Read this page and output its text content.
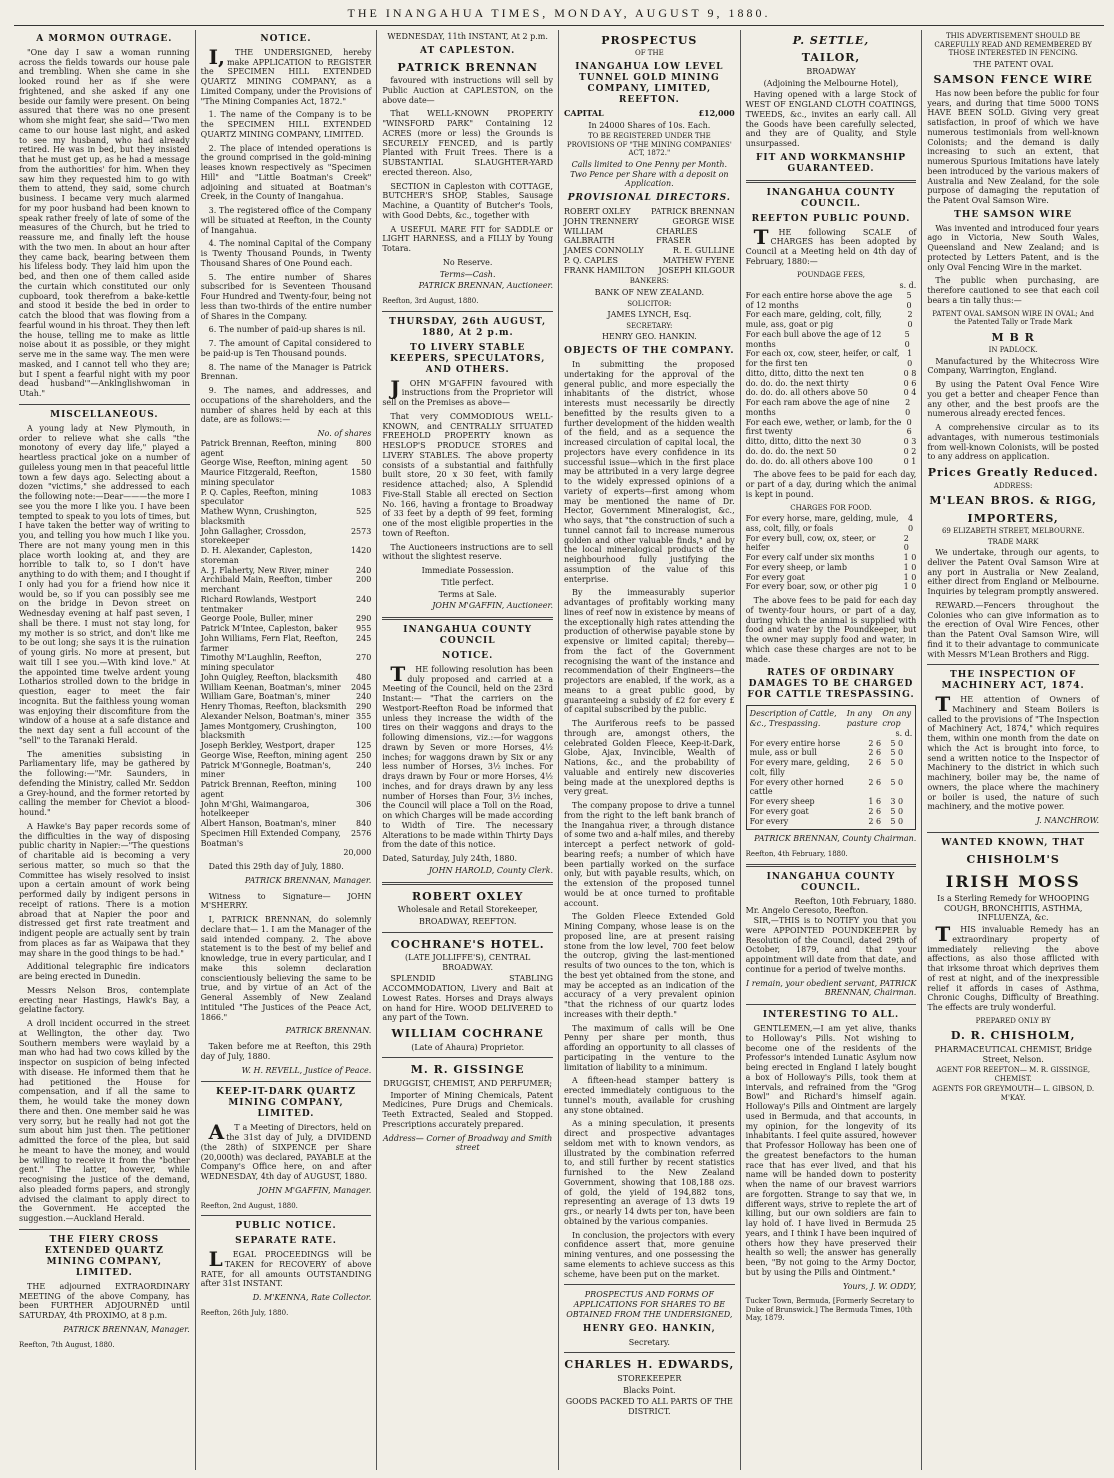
THE INANGAHUA TIMES, MONDAY, AUGUST 9, 1880.
A MORMON OUTRAGE.

"One day I saw a woman running across the fields towards our house pale and trembling. When she came in she looked round her as if she were frightened, and she asked if any one beside our family were present. On being assured that there was no one present whom she might fear, she said—'Two men came to our house last night, and asked to see my husband, who had already retired. He was in bed, but they insisted that he must get up, as he had a message from the authorities' for him. When they saw him they requested him to go with them to attend, they said, some church business. I became very much alarmed for my poor husband had been known to speak rather freely of late of some of the measures of the Church, but he tried to reassure me, and finally left the house with the two men. In about an hour after they came back, bearing between them his lifeless body. They laid him upon the bed, and then one of them called aside the curtain which constituted our only cupboard, took therefrom a bake-kettle and stood it beside the bed in order to catch the blood that was flowing from a fearful wound in his throat. They then left the house, telling me to make as little noise about it as possible, or they might serve me in the same way. The men were masked, and I cannot tell who they are; but I spent a fearful night with my poor dead husband'"—Anklnglishwoman in Utah."

MISCELLANEOUS.

A young lady at New Plymouth, in order to relieve what she calls "the monotony of every day life," played a heartless practical joke on a number of guileless young men in that peaceful little town a few days ago. Selecting about a dozen "victims," she addressed to each the following note:—Dear———the more I see you the more I like you. I have been tempted to speak to you lots of times, but I have taken the better way of writing to you, and telling you how much I like you. There are not many young men in this place worth looking at, and they are horrible to talk to, so I don't have anything to do with them; and I thought if I only had you for a friend how nice it would be, so if you can possibly see me on the bridge in Devon street on Wednesday evening at half past seven, I shall be there. I must not stay long, for my mother is so strict, and don't like me to be out long; she says it is the ruination of young girls. No more at present, but wait till I see you.—With kind love." At the appointed time twelve ardent young Lotharios strolled down to the bridge in question, eager to meet the fair incognita. But the faithless young woman was enjoying their discomfiture from the window of a house at a safe distance and the next day sent a full account of the "sell" to the Taranaki Herald.

The amenities subsisting in Parliamentary life, may be gathered by the following:—"Mr. Saunders, in defending the Ministry, called Mr. Seddon a Grey-hound, and the former retorted by calling the member for Cheviot a blood-hound."

A Hawke's Bay paper records some of the difficulties in the way of disposing public charity in Napier:—"The questions of charitable aid is becoming a very serious matter, so much so that the Committee has wisely resolved to insist upon a certain amount of work being performed daily by indigent persons in receipt of rations. There is a motion abroad that at Napier the poor and distressed get first rate treatment and indigent people are actually sent by train from places as far as Waipawa that they may share in the good things to be had."

Additional telegraphic fire indicators are being erected in Dunedin.

Messrs Nelson Bros, contemplate erecting near Hastings, Hawk's Bay, a gelatine factory.

A droll incident occurred in the street at Wellington, the other day. Two Southern members were waylaid by a man who had had two cows killed by the inspector on suspicion of being infected with disease. He informed them that he had petitioned the House for compensation, and if all the same to them, he would take the money down there and then. One member said he was very sorry, but he really had not got the sum about him just then. The petitioner admitted the force of the plea, but said he meant to have the money, and would be willing to receive it from the "bother gent." The latter, however, while recognising the justice of the demand, also pleaded forms papers, and strongly advised the claimant to apply direct to the Government. He accepted the suggestion.—Auckland Herald.

THE FIERY CROSS EXTENDED QUARTZ MINING COMPANY, LIMITED.

THE adjourned EXTRAORDINARY MEETING of the above Company, has been FURTHER ADJOURNED until SATURDAY, 4th PROXIMO, at 8 p.m.

PATRICK BRENNAN, Manager.
Reefton, 7th August, 1880.
NOTICE.

I,THE UNDERSIGNED, hereby make APPLICATION to REGISTER the SPECIMEN HILL EXTENDED QUARTZ MINING COMPANY, as a Limited Company, under the Provisions of "The Mining Companies Act, 1872."

1. The name of the Company is to be the SPECIMEN HILL EXTENDED QUARTZ MINING COMPANY, LIMITED.

2. The place of intended operations is the ground comprised in the gold-mining leases known respectively as "Specimen Hill" and "Little Boatman's Creek" adjoining and situated at Boatman's Creek, in the County of Inangahua.

3. The registered office of the Company will be situated at Reefton, in the County of Inangahua.

4. The nominal Capital of the Company is Twenty Thousand Pounds, in Twenty Thousand Shares of One Pound each.

5. The entire number of Shares subscribed for is Seventeen Thousand Four Hundred and Twenty-four, being not less than two-thirds of the entire number of Shares in the Company.

6. The number of paid-up shares is nil.

7. The amount of Capital considered to be paid-up is Ten Thousand pounds.

8. The name of the Manager is Patrick Brennan.

9. The names, and addresses, and occupations of the shareholders, and the number of shares held by each at this date, are as follows:—

No. of shares
Patrick Brennan, Reefton, mining agent
800
George Wise, Reefton, mining agent 50
Maurice Fitzgerald, Reefton, mining speculator
1580
P. Q. Caples, Reefton, mining speculator
1083
Mathew Wynn, Crushington, blacksmith
525
John Gallagher, Crossdon, storekeeper
2573
D. H. Alexander, Capleston, storeman
1420
A. J. Flaherty, New River, miner	240
Archibald Main, Reefton, timber merchant
200
Richard Rowlands, Westport tentmaker
240
George Poole, Buller, miner	290
Patrick M'Intee, Capleston, baker 955
John Williams, Fern Flat, Reefton, farmer
245
Timothy M'Laughlin, Reefton, mining speculator
270
John Quigley, Reefton, blacksmith 480
William Keenan, Boatman's, miner 2045
William Gare, Boatman's, miner	240
Henry Thomas, Reefton, blacksmith 290
Alexander Nelson, Boatman's, miner 355
James Montgomery, Crushington, blacksmith
100
Joseph Berkley, Westport, draper	125
George Wise, Reefton, mining agent 250
Patrick M'Gonnegle, Boatman's, miner
240
Patrick Brennan, Reefton, mining agent
100
John M'Ghi, Waimangaroa, hotelkeeper
306
Albert Hanson, Boatman's, miner	840
Specimen Hill Extended Company, Boatman's
2576
20,000

Dated this 29th day of July, 1880.

PATRICK BRENNAN, Manager.

Witness to Signature— JOHN M'SHERRY.

I, PATRICK BRENNAN, do solemnly declare that— 1. I am the Manager of the said intended company. 2. The above statement is to the best of my belief and knowledge, true in every particular, and I make this solemn declaration conscientiously believing the same to be true, and by virtue of an Act of the General Assembly of New Zealand intituled "The Justices of the Peace Act, 1866."

PATRICK BRENNAN.

Taken before me at Reefton, this 29th day of July, 1880.

W. H. REVELL, Justice of Peace.
KEEP-IT-DARK QUARTZ MINING COMPANY, LIMITED.

AT a Meeting of Directors, held on the 31st day of July, a DIVIDEND (the 28th) of SIXPENCE per Share (20,000th) was declared, PAYABLE at the Company's Office here, on and after WEDNESDAY, 4th day of AUGUST, 1880.

JOHN M'GAFFIN, Manager.
Reefton, 2nd August, 1880.
PUBLIC NOTICE.
SEPARATE RATE.

LEGAL PROCEEDINGS will be TAKEN for RECOVERY of above RATE, for all amounts OUTSTANDING after 31st INSTANT.

D. M'KENNA, Rate Collector.
Reefton, 26th July, 1880.
WEDNESDAY, 11th INSTANT, At 2 p.m.
AT CAPLESTON.
PATRICK BRENNAN

favoured with instructions will sell by Public Auction at CAPLESTON, on the above date—

That WELL-KNOWN PROPERTY "WINSFORD PARK" Containing 12 ACRES (more or less) the Grounds is SECURELY FENCED, and is partly Planted with Fruit Trees. There is a SUBSTANTIAL SLAUGHTER-YARD erected thereon. Also,

SECTION in Capleston with COTTAGE, BUTCHER'S SHOP, Stables, Sausage Machine, a Quantity of Butcher's Tools, with Good Debts, &c., together with

A USEFUL MARE FIT for SADDLE or LIGHT HARNESS, and a FILLY by Young Totara.

No Reserve.
Terms—Cash.
PATRICK BRENNAN, Auctioneer.
Reefton, 3rd August, 1880.
THURSDAY, 26th AUGUST, 1880, At 2 p.m.
TO LIVERY STABLE KEEPERS, SPECULATORS, AND OTHERS.

JOHN M'GAFFIN favoured with instructions from the Proprietor will sell on the Premises as above—

That very COMMODIOUS WELL-KNOWN, and CENTRALLY SITUATED FREEHOLD PROPERTY known as HESLOP'S PRODUCE STORES and LIVERY STABLES. The above property consists of a substantial and faithfully built store, 20 x 30 feet, with family residence attached; also, A Splendid Five-Stall Stable all erected on Section No. 166, having a frontage to Broadway of 33 feet by a depth of 99 feet, forming one of the most eligible properties in the town of Reefton.

The Auctioneers instructions are to sell without the slightest reserve.

Immediate Possession.
Title perfect.
Terms at Sale.
JOHN M'GAFFIN, Auctioneer.
INANGAHUA COUNTY COUNCIL
NOTICE.

THE following resolution has been duly proposed and carried at a Meeting of the Council, held on the 23rd Instant:— "That the carriers on the Westport-Reefton Road be informed that unless they increase the width of the tires on their waggons and drays to the following dimensions, viz.:—for waggons drawn by Seven or more Horses, 4½ inches; for waggons drawn by Six or any less number of Horses, 3½ inches. For drays drawn by Four or more Horses, 4½ inches, and for drays drawn by any less number of Horses than Four, 3½ inches, the Council will place a Toll on the Road, on which Charges will be made according to Width of Tire. The necessary Alterations to be made within Thirty Days from the date of this notice.

Dated, Saturday, July 24th, 1880.
JOHN HAROLD, County Clerk.
ROBERT OXLEY
Wholesale and Retail Storekeeper,
BROADWAY, REEFTON.
COCHRANE'S HOTEL.
(LATE JOLLIFFE'S), CENTRAL BROADWAY.

SPLENDID STABLING ACCOMMODATION, Livery and Bait at Lowest Rates. Horses and Drays always on hand for Hire. WOOD DELIVERED to any part of the Town.

WILLIAM COCHRANE
(Late of Ahaura) Proprietor.
M. R. GISSINGE
DRUGGIST, CHEMIST, AND PERFUMER;

Importer of Mining Chemicals, Patent Medicines, Pure Drugs and Chemicals. Teeth Extracted, Sealed and Stopped. Prescriptions accurately prepared.

Address— Corner of Broadway and Smith street
PROSPECTUS
OF THE
INANGAHUA LOW LEVEL TUNNEL GOLD MINING COMPANY, LIMITED, REEFTON.
CAPITAL	£12,000
In 24000 Shares of 10s. Each.
TO BE REGISTERED UNDER THE PROVISIONS OF "THE MINING COMPANIES' ACT, 1872."
Calls limited to One Penny per Month. Two Pence per Share with a deposit on Application.
PROVISIONAL DIRECTORS.
ROBERT OXLEY	PATRICK BRENNAN
JOHN TRENNERY	GEORGE WISE
WILLIAM GALBRAITH
CHARLES FRASER
JAMES CONNOLLY	R. E. GULLINE
P. Q. CAPLES	MATHEW FYENE
FRANK HAMILTON JOSEPH KILGOUR
BANKERS:
BANK OF NEW ZEALAND.
SOLICITOR:
JAMES LYNCH, Esq.
SECRETARY:
HENRY GEO. HANKIN.
OBJECTS OF THE COMPANY.

In submitting the proposed undertaking for the approval of the general public, and more especially the inhabitants of the district, whose interests must necessarily be directly benefitted by the results given to a further development of the hidden wealth of the field, and as a sequence the increased circulation of capital local, the projectors have every confidence in its successful issue—which in the first place may be attributed in a very large degree to the widely expressed opinions of a variety of experts—first among whom may be mentioned the name of Dr. Hector, Government Mineralogist, &c., who says, that "the construction of such a tunnel cannot fail to increase numerous golden and other valuable finds," and by the local mineralogical products of the neighbourhood fully justifying the assumption of the value of this enterprise.

By the immeasurably superior advantages of profitably working many lines of reef now in existence by means of the exceptionally high rates attending the production of otherwise payable stone by expensive or limited capital; thereby—from the fact of the Government recognising the want of the instance and recommendation of their Engineers—the projectors are enabled, if the work, as a means to a great public good, by guaranteeing a subsidy of £2 for every £ of capital subscribed by the public.

The Auriferous reefs to be passed through are, amongst others, the celebrated Golden Fleece, Keep-it-Dark, Globe, Ajax, Invincible, Wealth of Nations, &c., and the probability of valuable and entirely new discoveries being made at the unexplored depths is very great.

The company propose to drive a tunnel from the right to the left bank branch of the Inangahua river, a through distance of some two and a-half miles, and thereby intercept a perfect network of gold-bearing reefs; a number of which have been partially worked on the surface only, but with payable results, which, on the extension of the proposed tunnel would be at once turned to profitable account.

The Golden Fleece Extended Gold Mining Company, whose lease is on the proposed line, are at present raising stone from the low level, 700 feet below the outcrop, giving the last-mentioned results of two ounces to the ton, which is the best yet obtained from the stone, and may be accepted as an indication of the accuracy of a very prevalent opinion "that the richness of our quartz lodes increases with their depth."

The maximum of calls will be One Penny per share per month, thus affording an opportunity to all classes of participating in the venture to the limitation of liability to a minimum.

A fifteen-head stamper battery is erected immediately contiguous to the tunnel's mouth, available for crushing any stone obtained.

As a mining speculation, it presents direct and prospective advantages seldom met with to known vendors, as illustrated by the combination referred to, and still further by recent statistics furnished to the New Zealand Government, showing that 108,188 ozs. of gold, the yield of 194,882 tons, representing an average of 13 dwts 19 grs., or nearly 14 dwts per ton, have been obtained by the various companies.

In conclusion, the projectors with every confidence assert that, more genuine mining ventures, and one possessing the same elements to achieve success as this scheme, have been put on the market.

PROSPECTUS AND FORMS OF APPLICATIONS FOR SHARES TO BE OBTAINED FROM THE UNDERSIGNED,
HENRY GEO. HANKIN,
Secretary.
CHARLES H. EDWARDS,
STOREKEEPER
Blacks Point.
GOODS PACKED TO ALL PARTS OF THE DISTRICT.
P. SETTLE,
TAILOR,
BROADWAY
(Adjoining the Melbourne Hotel),

Having opened with a large Stock of WEST OF ENGLAND CLOTH COATINGS, TWEEDS, &c., invites an early call. All the Goods have been carefully selected, and they are of Quality, and Style unsurpassed.

FIT AND WORKMANSHIP GUARANTEED.
INANGAHUA COUNTY COUNCIL.
REEFTON PUBLIC POUND.

THE following SCALE of CHARGES has been adopted by Council at a Meeting held on 4th day of February, 1880:—

POUNDAGE FEES,
s. d.
For each entire horse above the age of 12 months
5 0
For each mare, gelding, colt, filly, mule, ass, goat or pig
2 0
For each bull above the age of 12 months
5 0
For each ox, cow, steer, heifer, or calf, for the first ten
1 0
ditto, ditto, ditto the next ten	0 8
do. do. do. the next thirty	0 6
do. do. do. all others above 50	0 4
For each ram above the age of nine months
2 0
For each ewe, wether, or lamb, for the first twenty
0 6
ditto, ditto, ditto the next 30	0 3
do. do. do. the next 50	0 2
do. do. do. all others above 100	0 1

The above fees to be paid for each day, or part of a day, during which the animal is kept in pound.

CHARGES FOR FOOD.
For every horse, mare, gelding, mule, ass, colt, filly, or foals
4 0
For every bull, cow, ox, steer, or heifer
2 0
For every calf under six months	1 0
For every sheep, or lamb	1 0
For every goat	1 0
For every boar, sow, or other pig	1 0

The above fees to be paid for each day of twenty-four hours, or part of a day, during which the animal is supplied with food and water by the Poundkeeper, but the owner may supply food and water, in which case these charges are not to be made.

RATES OF ORDINARY DAMAGES TO BE CHARGED FOR CATTLE TRESPASSING.
Description of Cattle, &c., Trespassing.
In any pasture
On any crop
s. d.
For every entire horse	2 6	5 0
mule, ass or bull	2 6	5 0
For every mare, gelding, colt, filly
2 6	5 0
For every other horned cattle
2 6	5 0
For every sheep	1 6	3 0
For every goat	2 6	5 0
For every	2 6	5 0
PATRICK BRENNAN, County Chairman.
Reefton, 4th February, 1880.
INANGAHUA COUNTY COUNCIL.
Reefton, 10th February, 1880.
Mr. Angelo Ceresoto, Reefton.

SIR,—THIS is to NOTIFY you that you were APPOINTED POUNDKEEPER by Resolution of the Council, dated 29th of October, 1879, and that your appointment will date from that date, and continue for a period of twelve months.

I remain, your obedient servant, PATRICK BRENNAN, Chairman.
INTERESTING TO ALL.

GENTLEMEN,—I am yet alive, thanks to Holloway's Pills. Not wishing to become one of the residents of the Professor's intended Lunatic Asylum now being erected in England I lately bought a box of Holloway's Pills, took them at intervals, and refrained from the "Grog Bowl" and Richard's himself again. Holloway's Pills and Ointment are largely used in Bermuda, and that accounts, in my opinion, for the longevity of its inhabitants. I feel quite assured, however that Professor Holloway has been one of the greatest benefactors to the human race that has ever lived, and that his name will be handed down to posterity when the name of our bravest warriors are forgotten. Strange to say that we, in different ways, strive to replete the art of killing, but our own soldiers are fain to lay hold of. I have lived in Bermuda 25 years, and I think I have been inquired of others how they have preserved their health so well; the answer has generally been, "By not going to the Army Doctor, but by using the Pills and Ointment."

Yours, J. W. ODDY,
Tucker Town, Bermuda, [Formerly Secretary to Duke of Brunswick.] The Bermuda Times, 10th May, 1879.
THIS ADVERTISEMENT SHOULD BE CAREFULLY READ AND REMEMBERED BY THOSE INTERESTED IN FENCING.
THE PATENT OVAL
SAMSON FENCE WIRE

Has now been before the public for four years, and during that time 5000 TONS HAVE BEEN SOLD. Giving very great satisfaction, in proof of which we have numerous testimonials from well-known Colonists; and the demand is daily increasing to such an extent, that numerous Spurious Imitations have lately been introduced by the various makers of Australia and New Zealand, for the sole purpose of damaging the reputation of the Patent Oval Samson Wire.

THE SAMSON WIRE

Was invented and introduced four years ago in Victoria, New South Wales, Queensland and New Zealand; and is protected by Letters Patent, and is the only Oval Fencing Wire in the market.

The public when purchasing, are therefore cautioned to see that each coil bears a tin tally thus:—

PATENT OVAL SAMSON WIRE IN OVAL; And the Patented Tally or Trade Mark
M B R
IN PADLOCK.

Manufactured by the Whitecross Wire Company, Warrington, England.

By using the Patent Oval Fence Wire you get a better and cheaper Fence than any other, and the best proofs are the numerous already erected fences.

A comprehensive circular as to its advantages, with numerous testimonials from well-known Colonists, will be posted to any address on application.

Prices Greatly Reduced.
ADDRESS:
M'LEAN BROS. & RIGG,
IMPORTERS,
69 ELIZABETH STREET, MELBOURNE.
TRADE MARK

We undertake, through our agents, to deliver the Patent Oval Samson Wire at any port in Australia or New Zealand, either direct from England or Melbourne. Inquiries by telegram promptly answered.

REWARD.—Fencers throughout the Colonies who can give information as to the erection of Oval Wire Fences, other than the Patent Oval Samson Wire, will find it to their advantage to communicate with Messrs M'Lean Brothers and Rigg.

THE INSPECTION OF MACHINERY ACT, 1874.

THE attention of Owners of Machinery and Steam Boilers is called to the provisions of "The Inspection of Machinery Act, 1874," which requires them, within one month from the date on which the Act is brought into force, to send a written notice to the Inspector of Machinery to the district in which such machinery, boiler may be, the name of owners, the place where the machinery or boiler is used, the nature of such machinery, and the motive power.

J. NANCHROW.
WANTED KNOWN, THAT
CHISHOLM'S
IRISH MOSS
Is a Sterling Remedy for WHOOPING COUGH, BRONCHITIS, ASTHMA, INFLUENZA, &c.

THIS invaluable Remedy has an extraordinary property of immediately relieving the above affections, as also those afflicted with that irksome throat which deprives them of rest at night, and of the inexpressible relief it affords in cases of Asthma, Chronic Coughs, Difficulty of Breathing. The effects are truly wonderful.

PREPARED ONLY BY
D. R. CHISHOLM,
PHARMACEUTICAL CHEMIST, Bridge Street, Nelson.
AGENT FOR REEFTON— M. R. GISSINGE, CHEMIST.
AGENTS FOR GREYMOUTH— L. GIBSON, D. M'KAY.
